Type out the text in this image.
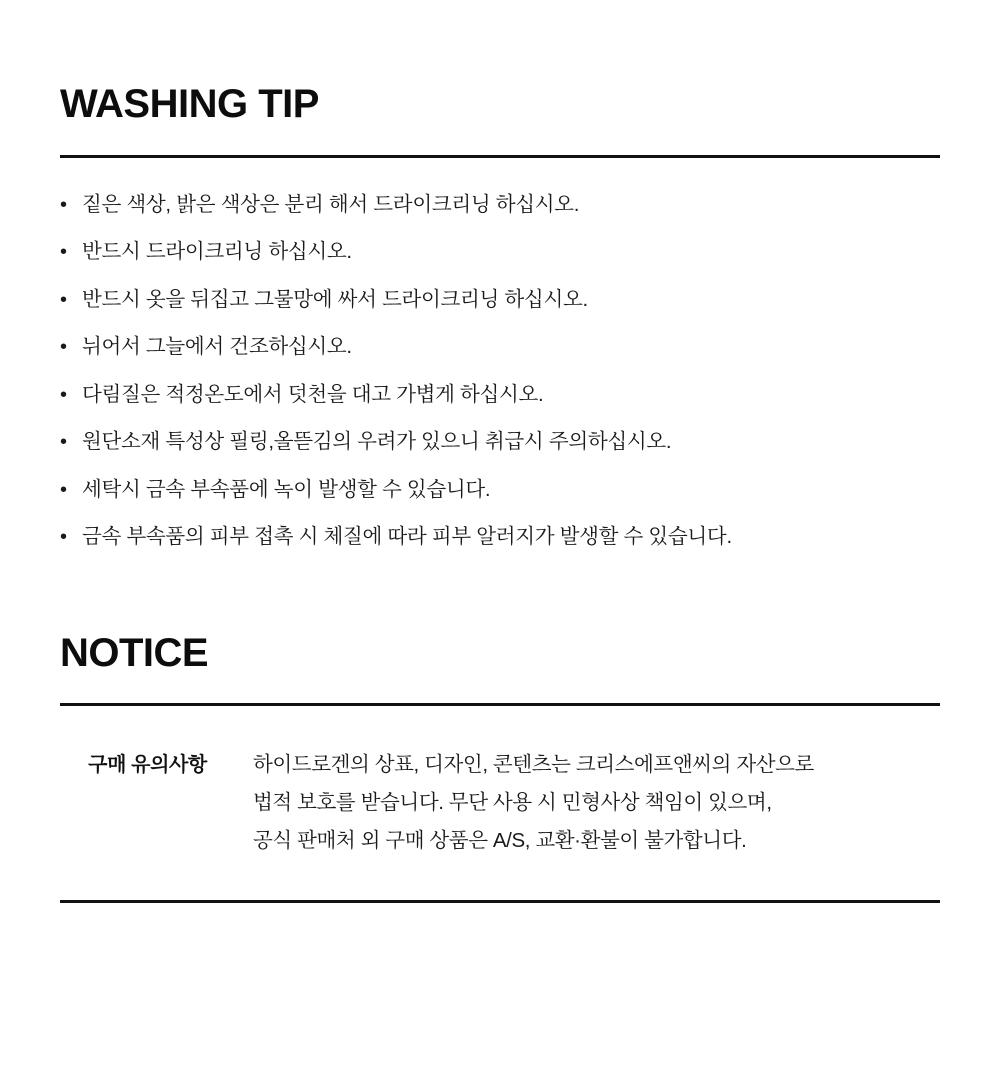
WASHING TIP
• 짙은 색상, 밝은 색상은 분리 해서 드라이크리닝 하십시오.
• 반드시 드라이크리닝 하십시오.
• 반드시 옷을 뒤집고 그물망에 싸서 드라이크리닝 하십시오.
• 뉘어서 그늘에서 건조하십시오.
• 다림질은 적정온도에서 덧천을 대고 가볍게 하십시오.
• 원단소재 특성상 필링,올뜯김의 우려가 있으니 취급시 주의하십시오.
• 세탁시 금속 부속품에 녹이 발생할 수 있습니다.
• 금속 부속품의 피부 접촉 시 체질에 따라 피부 알러지가 발생할 수 있습니다.
NOTICE
구매 유의사항	하이드로겐의 상표, 디자인, 콘텐츠는 크리스에프앤씨의 자산으로

법적 보호를 받습니다. 무단 사용 시 민형사상 책임이 있으며,

공식 판매처 외 구매 상품은 A/S, 교환·환불이 불가합니다.
